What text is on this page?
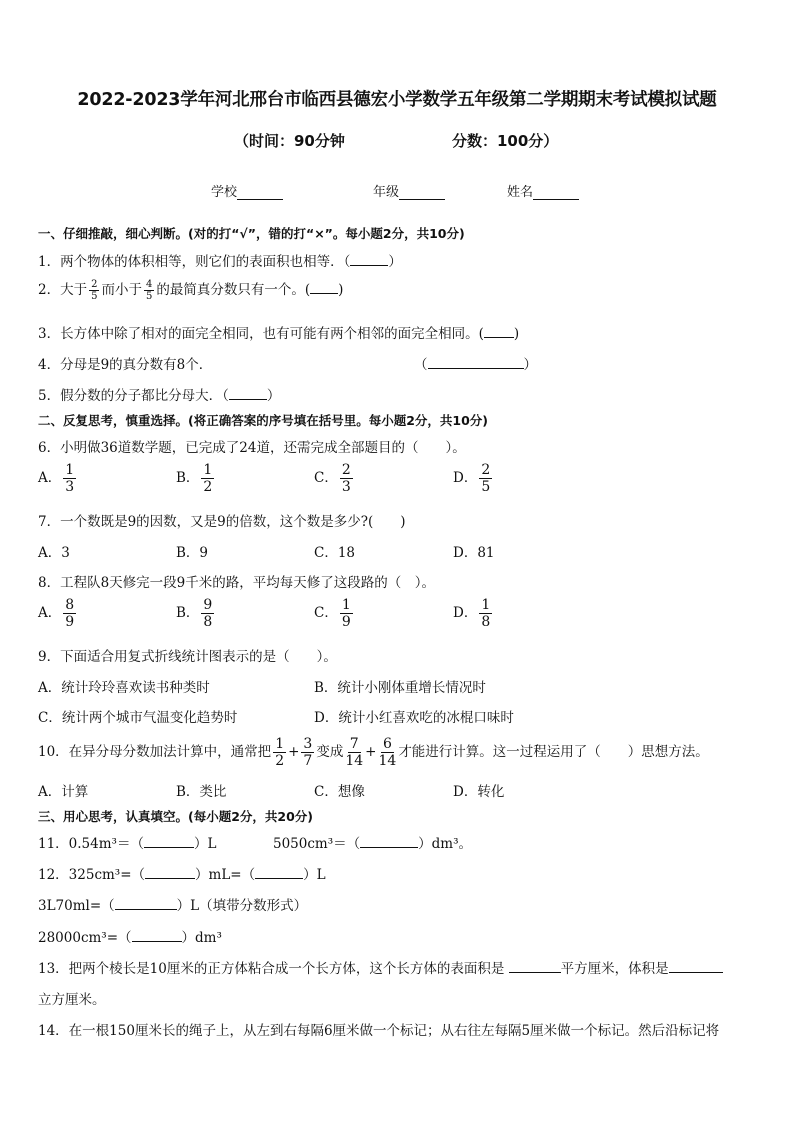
2022-2023学年河北邢台市临西县德宏小学数学五年级第二学期期末考试模拟试题
（时间：90分钟	分数：100分）
学校	年级	姓名
一、仔细推敲，细心判断。(对的打“√”，错的打“×”。每小题2分，共10分)
1．两个物体的体积相等，则它们的表面积也相等．（	）
2．大于 $\frac{2}{5}$ 而小于 $\frac{4}{5}$ 的最简真分数只有一个。( )
3．长方体中除了相对的面完全相同，也有可能有两个相邻的面完全相同。( )
4．分母是9的真分数有8个．	（	）
5．假分数的分子都比分母大．（	）
二、反复思考，慎重选择。(将正确答案的序号填在括号里。每小题2分，共10分)
6．小明做36道数学题，已完成了24道，还需完成全部题目的（　　）。
A． $\frac{1}{3}$	B． $\frac{1}{2}$	C． $\frac{2}{3}$	D． $\frac{2}{5}$
7．一个数既是9的因数，又是9的倍数，这个数是多少?(　　)
A．3	B．9	C．18	D．81
8．工程队8天修完一段9千米的路，平均每天修了这段路的（　）。
A． $\frac{8}{9}$	B． $\frac{9}{8}$	C． $\frac{1}{9}$	D． $\frac{1}{8}$
9．下面适合用复式折线统计图表示的是（　　）。
A．统计玲玲喜欢读书种类时	B．统计小刚体重增长情况时
C．统计两个城市气温变化趋势时	D．统计小红喜欢吃的冰棍口味时
10．在异分母分数加法计算中，通常把 $\frac{1}{2} + \frac{3}{7}$ 变成 $\frac{7}{14} + \frac{6}{14}$ 才能进行计算。这一过程运用了（　　）思想方法。
A．计算	B．类比	C．想像	D．转化
三、用心思考，认真填空。(每小题2分，共20分)
11．0.54m³＝（	）L	5050cm³＝（	）dm³。
12．325cm³=（	）mL=（	）L
3L70ml=（	）L（填带分数形式）
28000cm³=（	）dm³
13．把两个棱长是10厘米的正方体粘合成一个长方体，这个长方体的表面积是	平方厘米，体积是
立方厘米。
14．在一根150厘米长的绳子上，从左到右每隔6厘米做一个标记；从右往左每隔5厘米做一个标记。然后沿标记将
